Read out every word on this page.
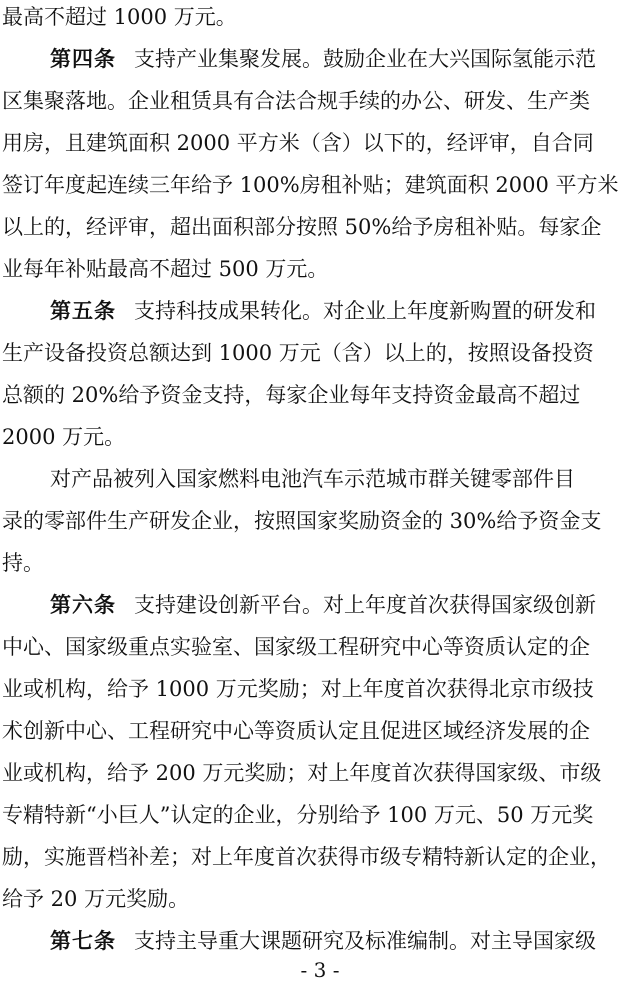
最高不超过 1000 万元。
第四条 支持产业集聚发展。鼓励企业在大兴国际氢能示范
区集聚落地。企业租赁具有合法合规手续的办公、研发、生产类
用房，且建筑面积 2000 平方米（含）以下的，经评审，自合同
签订年度起连续三年给予 100%房租补贴；建筑面积 2000 平方米
以上的，经评审，超出面积部分按照 50%给予房租补贴。每家企
业每年补贴最高不超过 500 万元。
第五条 支持科技成果转化。对企业上年度新购置的研发和
生产设备投资总额达到 1000 万元（含）以上的，按照设备投资
总额的 20%给予资金支持，每家企业每年支持资金最高不超过
2000 万元。
对产品被列入国家燃料电池汽车示范城市群关键零部件目
录的零部件生产研发企业，按照国家奖励资金的 30%给予资金支
持。
第六条 支持建设创新平台。对上年度首次获得国家级创新
中心、国家级重点实验室、国家级工程研究中心等资质认定的企
业或机构，给予 1000 万元奖励；对上年度首次获得北京市级技
术创新中心、工程研究中心等资质认定且促进区域经济发展的企
业或机构，给予 200 万元奖励；对上年度首次获得国家级、市级
专精特新“小巨人”认定的企业，分别给予 100 万元、50 万元奖
励，实施晋档补差；对上年度首次获得市级专精特新认定的企业，
给予 20 万元奖励。
第七条 支持主导重大课题研究及标准编制。对主导国家级
- 3 -
